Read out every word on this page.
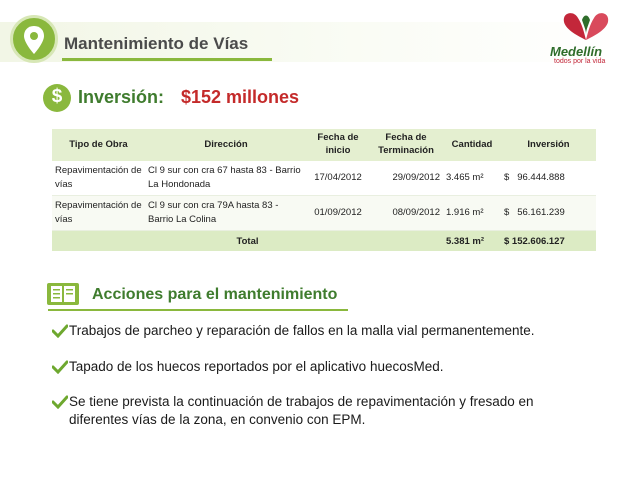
Mantenimiento de Vías	Medellín
todos por la vida
$ Inversión: $152 millones
Tipo de Obra	Dirección	Fecha de inicio	Fecha de Terminación	Cantidad	Inversión
Repavimentación de vías	Cl 9 sur con cra 67 hasta 83 - Barrio La Hondonada	17/04/2012	29/09/2012	3.465 m²	$   96.444.888
Repavimentación de vías	Cl 9 sur con cra 79A hasta 83 - Barrio La Colina	01/09/2012	08/09/2012	1.916 m²	$   56.161.239
Total				5.381 m²	$ 152.606.127
Acciones para el mantenimiento
Trabajos de parcheo y reparación de fallos en la malla vial permanentemente.
Tapado de los huecos reportados por el aplicativo huecosMed.
Se tiene prevista la continuación de trabajos de repavimentación y fresado en diferentes vías de la zona, en convenio con EPM.
